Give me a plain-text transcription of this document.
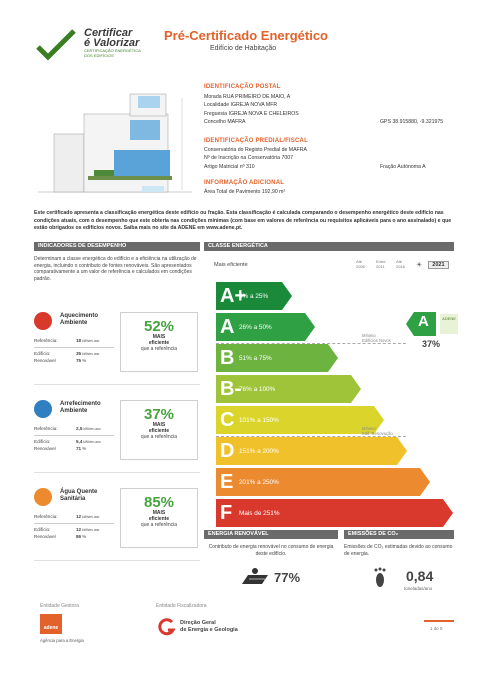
Certificar
é Valorizar
CERTIFICAÇÃO ENERGÉTICA
DOS EDIFÍCIOS
Pré-Certificado Energético
Edifício de Habitação
IDENTIFICAÇÃO POSTAL
Morada RUA PRIMEIRO DE MAIO, A
Localidade IGREJA NOVA MFR
Freguesia IGREJA NOVA E CHELEIROS
Concelho MAFRA	GPS 38.915880, -9.321975
IDENTIFICAÇÃO PREDIAL/FISCAL
Conservatória do Registo Predial de MAFRA
Nº de Inscrição na Conservatória 7007
Artigo Matricial nº 310	Fração Autónoma A
INFORMAÇÃO ADICIONAL
Área Total de Pavimento 192,90 m²
Este certificado apresenta a classificação energética deste edifício ou fração. Esta classificação é calculada comparando o desempenho energético deste edifício nas condições atuais, com o desempenho que este obteria nas condições mínimas (com base em valores de referência ou requisitos aplicáveis para o ano assinalado) e que estão obrigados os edifícios novos. Saiba mais no site da ADENE em www.adene.pt.
INDICADORES DE DESEMPENHO
Determinam a classe energética do edifício e a eficiência na utilização de energia, incluindo o contributo de fontes renováveis. São apresentados comparativamente a um valor de referência e calculados em condições padrão.
Aquecimento
Ambiente
Referência:	18 kWh/m².ano
Edifício:	35 kWh/m².ano
Renovável	75 %
52%
MAIS
eficiente
que a referência
Arrefecimento
Ambiente
Referência:	2,5 kWh/m².ano
Edifício:	5,4 kWh/m².ano
Renovável	71 %
37%
MAIS
eficiente
que a referência
Água Quente
Sanitária
Referência:	12 kWh/m².ano
Edifício:	12 kWh/m².ano
Renovável	86 %
85%
MAIS
eficiente
que a referência
CLASSE ENERGÉTICA
Mais eficiente
Até 2006
Entre 2011
Até 2016	☀	2021
A+
0% a 25%
A 26% a 50%
B 51% a 75%
B-
76% a 100%
C 101% a 150%
D 151% a 200%
E 201% a 250%
F	Mais de 251%
Mínimo
Edifícios Novos
Mínimo
Edif. Renovação
A	ADENE
37%
ENERGIA RENOVÁVEL
Contributo de energia renovável no consumo de energia deste edifício.
77%
EMISSÕES DE CO₂
Emissões de CO₂ estimadas devido ao consumo de energia.
0,84
toneladas/ano
Entidade Gestora
adene
Agência para a Energia
Entidade Fiscalizadora
Direção Geral
de Energia e Geologia	1 de 5
